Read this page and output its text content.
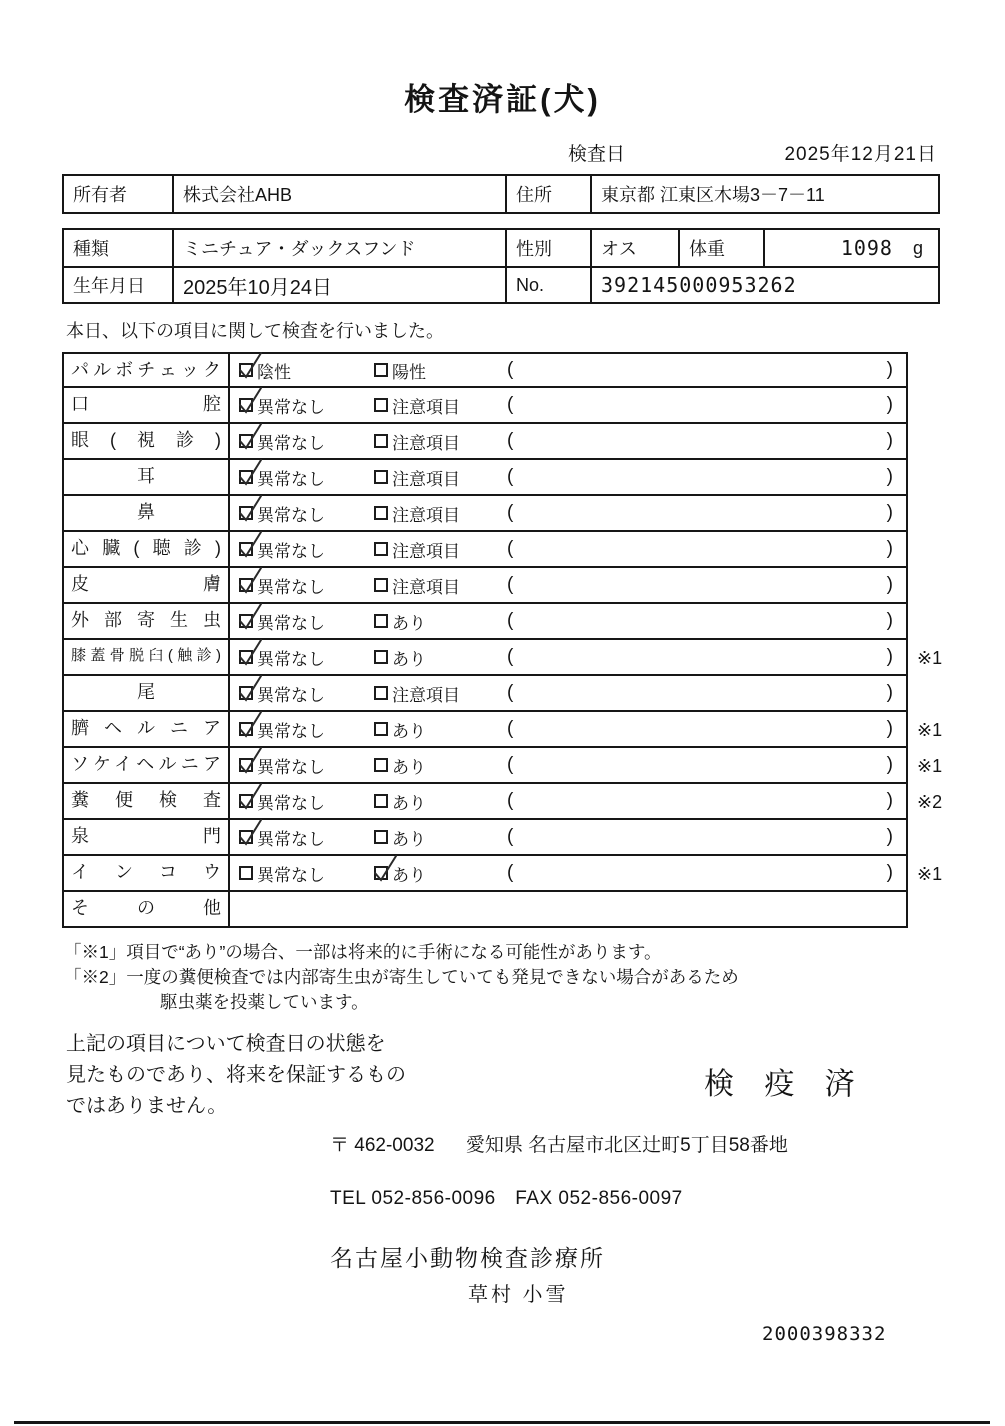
検査済証(犬)
検査日	2025年12月21日
所有者	株式会社AHB	住所	東京都 江東区木場3－7－11
種類	ミニチュア・ダックスフンド	性別	オス	体重	1098 g
生年月日	2025年10月24日	No.	392145000953262
本日、以下の項目に関して検査を行いました。
パルボチェック	陰性	陽性	(	)
口腔	異常なし	注意項目 (	)
眼(視診)	異常なし	注意項目 (	)
耳	異常なし	注意項目 (	)
鼻	異常なし	注意項目 (	)
心臓(聴診)	異常なし	注意項目 (	)
皮膚	異常なし	注意項目 (	)
外部寄生虫	異常なし	あり	(	)
膝蓋骨脱臼(触診)	異常なし	あり	(	)	※1
尾	異常なし	注意項目 (	)
臍ヘルニア	異常なし	あり	(	)	※1
ソケイヘルニア	異常なし	あり	(	)	※1
糞便検査	異常なし	あり	(	)	※2
泉門	異常なし	あり	(	)
インコウ	異常なし	あり	(	)	※1
その他
「※1」項目で“あり”の場合、一部は将来的に手術になる可能性があります。
「※2」一度の糞便検査では内部寄生虫が寄生していても発見できない場合があるため
駆虫薬を投薬しています。
上記の項目について検査日の状態を
見たものであり、将来を保証するもの
ではありません。
検 疫 済
〒 462-0032 愛知県 名古屋市北区辻町5丁目58番地
TEL 052-856-0096　FAX 052-856-0097
名古屋小動物検査診療所
草村 小雪
2000398332
